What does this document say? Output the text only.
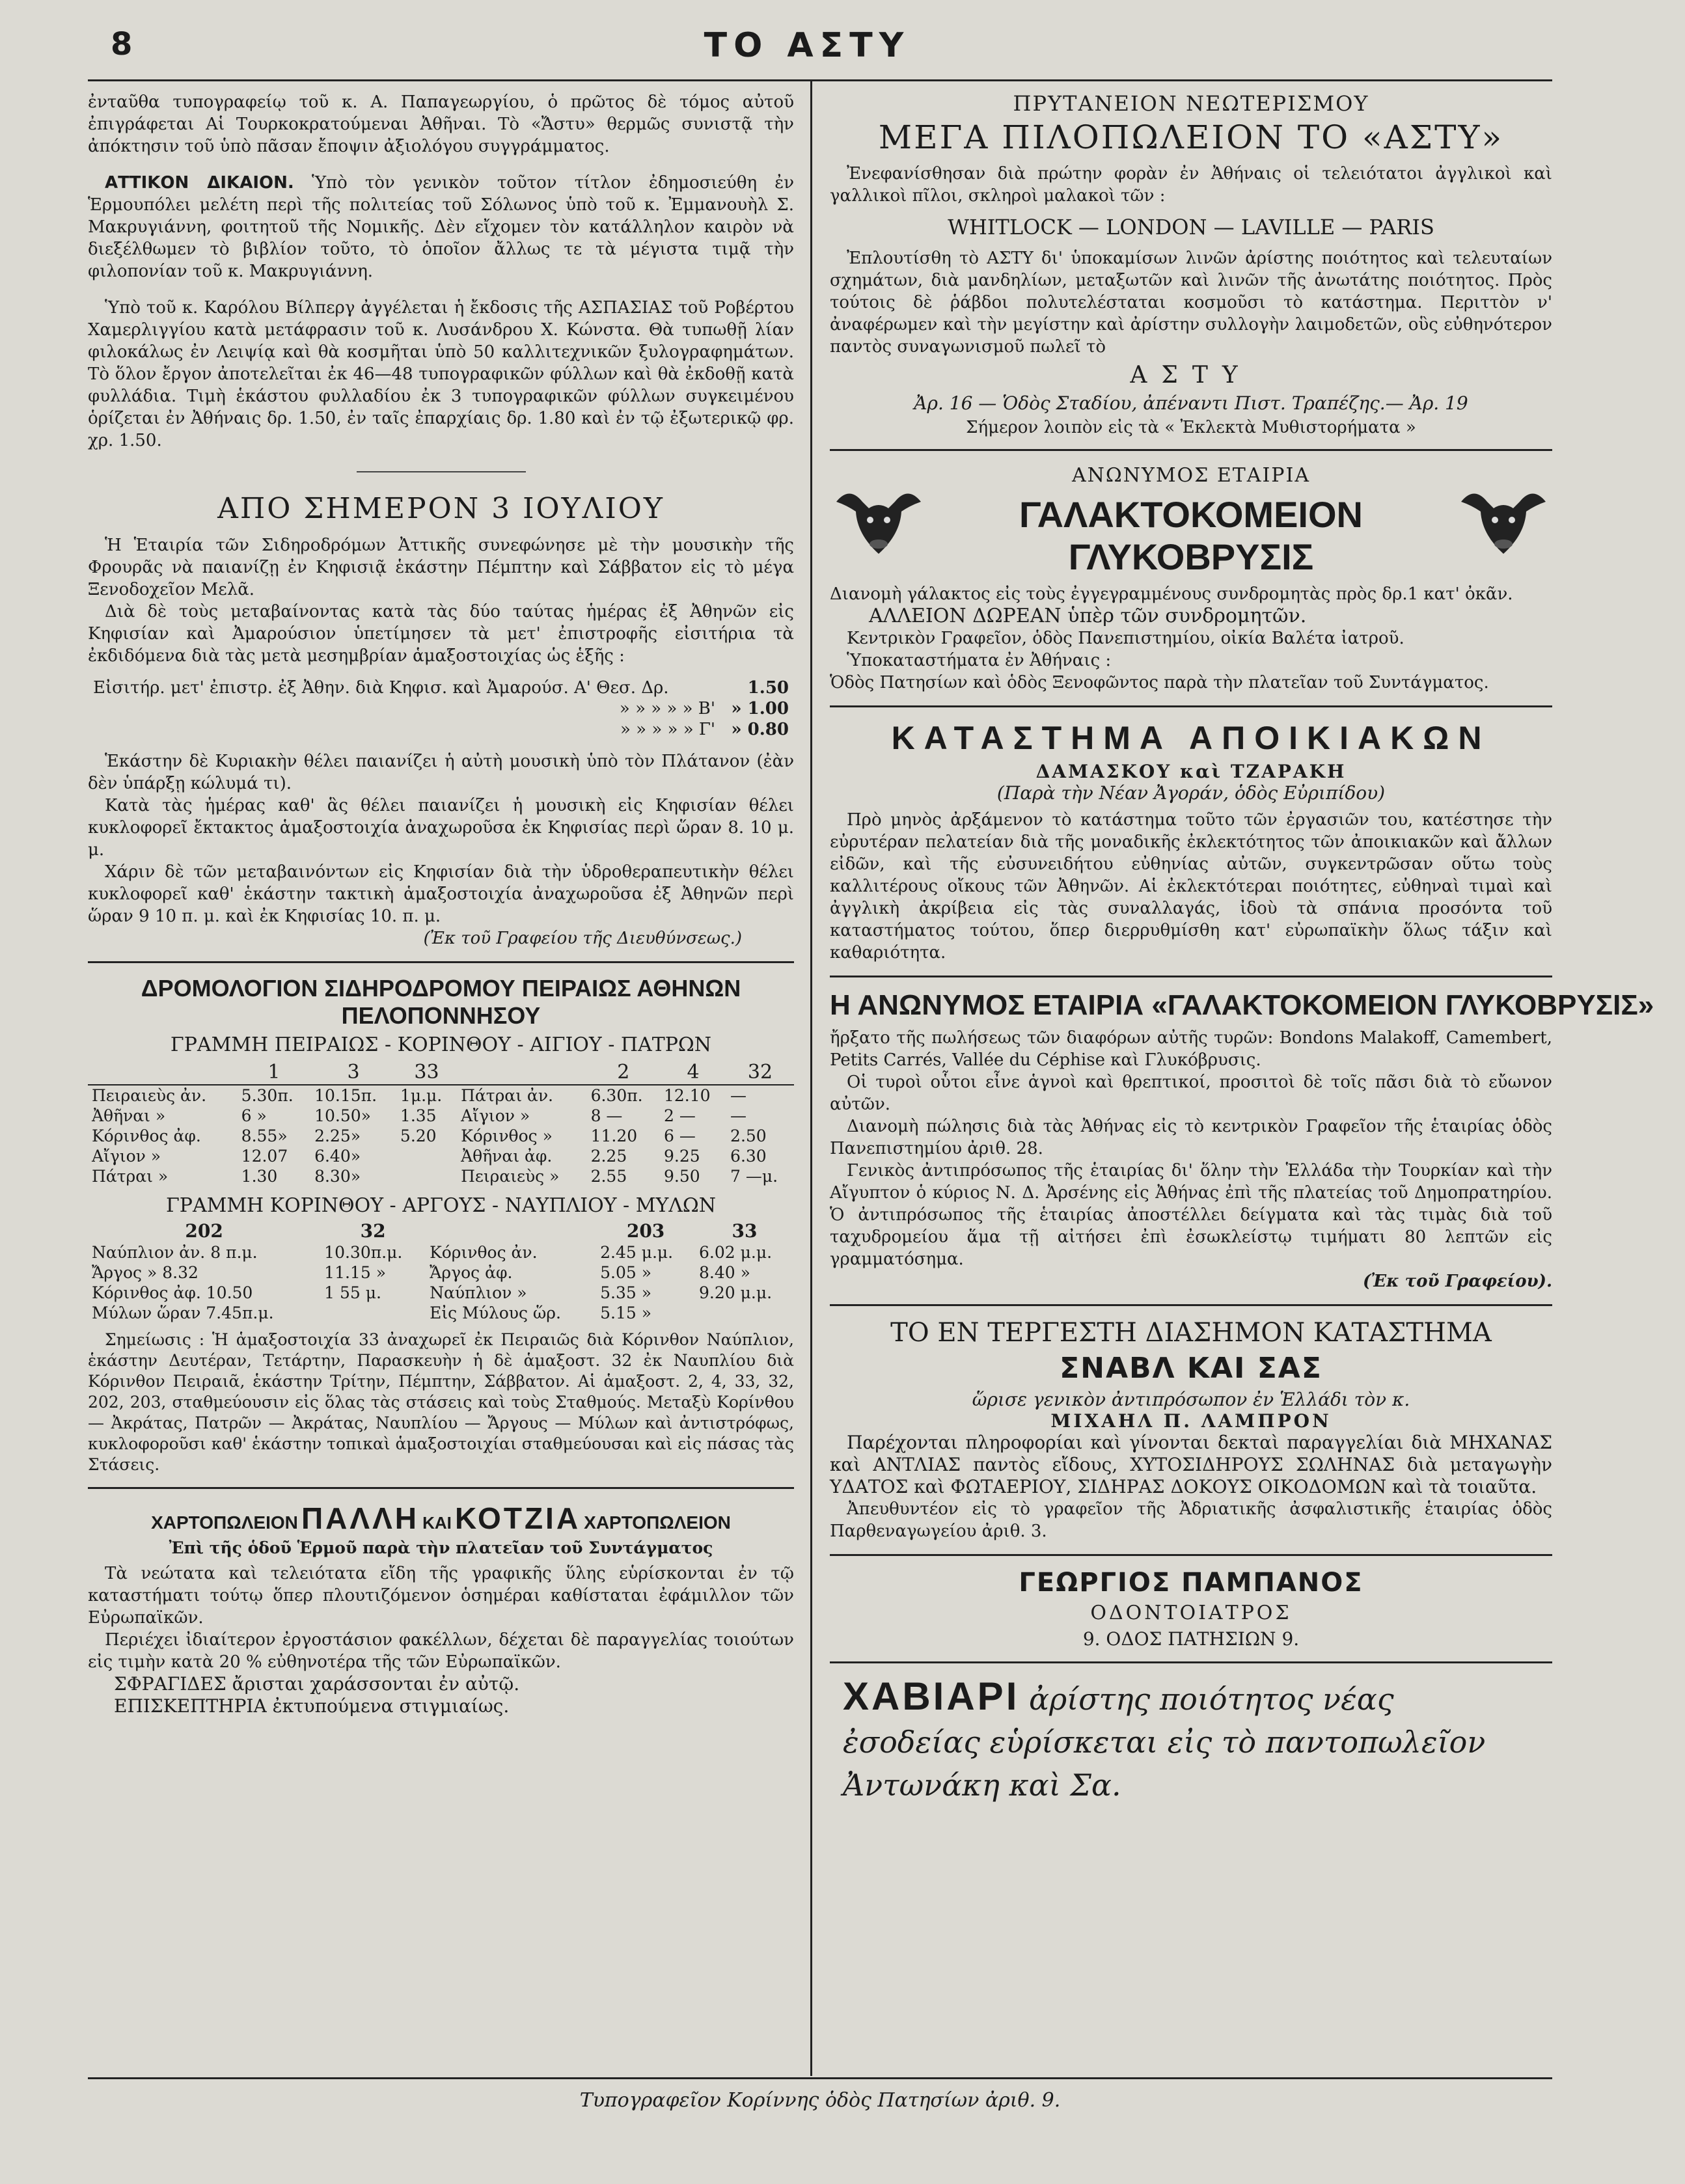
8	ΤΟ ΑΣΤΥ

ἐνταῦθα τυπογραφείῳ τοῦ κ. Α. Παπαγεωργίου, ὁ πρῶτος δὲ τόμος αὐτοῦ ἐπιγράφεται Αἱ Τουρκοκρατούμεναι Ἀθῆναι. Τὸ «Ἄστυ» θερμῶς συνιστᾷ τὴν ἀπόκτησιν τοῦ ὑπὸ πᾶσαν ἔποψιν ἀξιολόγου συγγράμματος.

ΑΤΤΙΚΟΝ ΔΙΚΑΙΟΝ. Ὑπὸ τὸν γενικὸν τοῦτον τίτλον ἐδημοσιεύθη ἐν Ἑρμουπόλει μελέτη περὶ τῆς πολιτείας τοῦ Σόλωνος ὑπὸ τοῦ κ. Ἐμμανουὴλ Σ. Μακρυγιάννη, φοιτητοῦ τῆς Νομικῆς. Δὲν εἴχομεν τὸν κατάλληλον καιρὸν νὰ διεξέλθωμεν τὸ βιβλίον τοῦτο, τὸ ὁποῖον ἄλλως τε τὰ μέγιστα τιμᾷ τὴν φιλοπονίαν τοῦ κ. Μακρυγιάννη.

Ὑπὸ τοῦ κ. Καρόλου Βίλπεργ ἀγγέλεται ἡ ἔκδοσις τῆς ΑΣΠΑΣΙΑΣ τοῦ Ροβέρτου Χαμερλιγγίου κατὰ μετάφρασιν τοῦ κ. Λυσάνδρου Χ. Κώνστα. Θὰ τυπωθῇ λίαν φιλοκάλως ἐν Λειψίᾳ καὶ θὰ κοσμῆται ὑπὸ 50 καλλιτεχνικῶν ξυλογραφημάτων. Τὸ ὅλον ἔργον ἀποτελεῖται ἐκ 46—48 τυπογραφικῶν φύλλων καὶ θὰ ἐκδοθῇ κατὰ φυλλάδια. Τιμὴ ἑκάστου φυλλαδίου ἐκ 3 τυπογραφικῶν φύλλων συγκειμένου ὁρίζεται ἐν Ἀθήναις δρ. 1.50, ἐν ταῖς ἐπαρχίαις δρ. 1.80 καὶ ἐν τῷ ἐξωτερικῷ φρ. χρ. 1.50.

ΑΠΟ ΣΗΜΕΡΟΝ 3 ΙΟΥΛΙΟΥ

Ἡ Ἑταιρία τῶν Σιδηροδρόμων Ἀττικῆς συνεφώνησε μὲ τὴν μουσικὴν τῆς Φρουρᾶς νὰ παιανίζῃ ἐν Κηφισιᾷ ἑκάστην Πέμπτην καὶ Σάββατον εἰς τὸ μέγα Ξενοδοχεῖον Μελᾶ.

Διὰ δὲ τοὺς μεταβαίνοντας κατὰ τὰς δύο ταύτας ἡμέρας ἐξ Ἀθηνῶν εἰς Κηφισίαν καὶ Ἀμαρούσιον ὑπετίμησεν τὰ μετ' ἐπιστροφῆς εἰσιτήρια τὰ ἐκδιδόμενα διὰ τὰς μετὰ μεσημβρίαν ἁμαξοστοιχίας ὡς ἑξῆς :

Εἰσιτήρ. μετ' ἐπιστρ. ἐξ Ἀθην. διὰ Κηφισ. καὶ Ἀμαρούσ. Α' Θεσ. Δρ.	1.50
» » » » » Β'	» 1.00
» » » » » Γ'	» 0.80

Ἑκάστην δὲ Κυριακὴν θέλει παιανίζει ἡ αὐτὴ μουσικὴ ὑπὸ τὸν Πλάτανον (ἐὰν δὲν ὑπάρξῃ κώλυμά τι).

Κατὰ τὰς ἡμέρας καθ' ἃς θέλει παιανίζει ἡ μουσικὴ εἰς Κηφισίαν θέλει κυκλοφορεῖ ἔκτακτος ἁμαξοστοιχία ἀναχωροῦσα ἐκ Κηφισίας περὶ ὥραν 8. 10 μ. μ.

Χάριν δὲ τῶν μεταβαινόντων εἰς Κηφισίαν διὰ τὴν ὑδροθεραπευτικὴν θέλει κυκλοφορεῖ καθ' ἑκάστην τακτικὴ ἁμαξοστοιχία ἀναχωροῦσα ἐξ Ἀθηνῶν περὶ ὥραν 9 10 π. μ. καὶ ἐκ Κηφισίας 10. π. μ.

(Ἐκ τοῦ Γραφείου τῆς Διευθύνσεως.)

ΔΡΟΜΟΛΟΓΙΟΝ ΣΙΔΗΡΟΔΡΟΜΟΥ ΠΕΙΡΑΙΩΣ ΑΘΗΝΩΝ ΠΕΛΟΠΟΝΝΗΣΟΥ

ΓΡΑΜΜΗ ΠΕΙΡΑΙΩΣ - ΚΟΡΙΝΘΟΥ - ΑΙΓΙΟΥ - ΠΑΤΡΩΝ

	1	3	33		2	4	32
Πειραιεὺς ἀν.	5.30π.	10.15π.	1μ.μ.	Πάτραι ἀν.	6.30π.	12.10	—
Ἀθῆναι »	6 »	10.50»	1.35	Αἴγιον »	8 —	2 —	—
Κόρινθος ἀφ.	8.55»	2.25»	5.20	Κόρινθος »	11.20	6 —	2.50
Αἴγιον »	12.07	6.40»		Ἀθῆναι ἀφ.	2.25	9.25	6.30
Πάτραι »	1.30	8.30»		Πειραιεὺς »	2.55	9.50	7 —μ.

ΓΡΑΜΜΗ ΚΟΡΙΝΘΟΥ - ΑΡΓΟΥΣ - ΝΑΥΠΛΙΟΥ - ΜΥΛΩΝ

202	32		203	33
Ναύπλιον ἀν. 8 π.μ.	10.30π.μ.	Κόρινθος ἀν.	2.45 μ.μ.	6.02 μ.μ.
Ἄργος » 8.32	11.15 »	Ἄργος ἀφ.	5.05 »	8.40 »
Κόρινθος ἀφ. 10.50	1 55 μ.	Ναύπλιον »	5.35 »	9.20 μ.μ.
Μύλων ὥραν 7.45π.μ.		Εἰς Μύλους ὥρ.	5.15 »	

Σημείωσις : Ἡ ἁμαξοστοιχία 33 ἀναχωρεῖ ἐκ Πειραιῶς διὰ Κόρινθον Ναύπλιον, ἑκάστην Δευτέραν, Τετάρτην, Παρασκευὴν ἡ δὲ ἁμαξοστ. 32 ἐκ Ναυπλίου διὰ Κόρινθον Πειραιᾶ, ἑκάστην Τρίτην, Πέμπτην, Σάββατον. Αἱ ἁμαξοστ. 2, 4, 33, 32, 202, 203, σταθμεύουσιν εἰς ὅλας τὰς στάσεις καὶ τοὺς Σταθμούς. Μεταξὺ Κορίνθου — Ἀκράτας, Πατρῶν — Ἀκράτας, Ναυπλίου — Ἄργους — Μύλων καὶ ἀντιστρόφως, κυκλοφοροῦσι καθ' ἑκάστην τοπικαὶ ἁμαξοστοιχίαι σταθμεύουσαι καὶ εἰς πάσας τὰς Στάσεις.

ΧΑΡΤΟΠΩΛΕΙΟΝ ΠΑΛΛΗ ΚΑΙ ΚΟΤΖΙΑ ΧΑΡΤΟΠΩΛΕΙΟΝ

Ἐπὶ τῆς ὁδοῦ Ἑρμοῦ παρὰ τὴν πλατεῖαν τοῦ Συντάγματος

Τὰ νεώτατα καὶ τελειότατα εἴδη τῆς γραφικῆς ὕλης εὑρίσκονται ἐν τῷ καταστήματι τούτῳ ὅπερ πλουτιζόμενον ὁσημέραι καθίσταται ἐφάμιλλον τῶν Εὐρωπαϊκῶν.

Περιέχει ἰδιαίτερον ἐργοστάσιον φακέλλων, δέχεται δὲ παραγγελίας τοιούτων εἰς τιμὴν κατὰ 20 % εὐθηνοτέρα τῆς τῶν Εὐρωπαϊκῶν.

ΣΦΡΑΓΙΔΕΣ ἄρισται χαράσσονται ἐν αὐτῷ.

ΕΠΙΣΚΕΠΤΗΡΙΑ ἐκτυπούμενα στιγμιαίως.

ΠΡΥΤΑΝΕΙΟΝ ΝΕΩΤΕΡΙΣΜΟΥ

ΜΕΓΑ ΠΙΛΟΠΩΛΕΙΟΝ ΤΟ «ΑΣΤΥ»

Ἐνεφανίσθησαν διὰ πρώτην φορὰν ἐν Ἀθήναις οἱ τελειότατοι ἀγγλικοὶ καὶ γαλλικοὶ πῖλοι, σκληροὶ μαλακοὶ τῶν :

WHITLOCK — LONDON — LAVILLE — PARIS

Ἐπλουτίσθη τὸ ΑΣΤΥ δι' ὑποκαμίσων λινῶν ἀρίστης ποιότητος καὶ τελευταίων σχημάτων, διὰ μανδηλίων, μεταξωτῶν καὶ λινῶν τῆς ἀνωτάτης ποιότητος. Πρὸς τούτοις δὲ ῥάβδοι πολυτελέσταται κοσμοῦσι τὸ κατάστημα. Περιττὸν ν' ἀναφέρωμεν καὶ τὴν μεγίστην καὶ ἀρίστην συλλογὴν λαιμοδετῶν, οὓς εὐθηνότερον παντὸς συναγωνισμοῦ πωλεῖ τὸ

ΑΣΤΥ

Ἀρ. 16 — Ὁδὸς Σταδίου, ἀπέναντι Πιστ. Τραπέζης.— Ἀρ. 19

Σήμερον λοιπὸν εἰς τὰ « Ἐκλεκτὰ Μυθιστορήματα »

ΑΝΩΝΥΜΟΣ ΕΤΑΙΡΙΑ

ΓΑΛΑΚΤΟΚΟΜΕΙΟΝ ΓΛΥΚΟΒΡΥΣΙΣ

Διανομὴ γάλακτος εἰς τοὺς ἐγγεγραμμένους συνδρομητὰς πρὸς δρ.1 κατ' ὀκᾶν.

ΑΛΛΕΙΟΝ ΔΩΡΕΑΝ ὑπὲρ τῶν συνδρομητῶν.

Κεντρικὸν Γραφεῖον, ὁδὸς Πανεπιστημίου, οἰκία Βαλέτα ἰατροῦ.

Ὑποκαταστήματα ἐν Ἀθήναις :

Ὁδὸς Πατησίων καὶ ὁδὸς Ξενοφῶντος παρὰ τὴν πλατεῖαν τοῦ Συντάγματος.

ΚΑΤΑΣΤΗΜΑ ΑΠΟΙΚΙΑΚΩΝ

ΔΑΜΑΣΚΟΥ καὶ ΤΖΑΡΑΚΗ

(Παρὰ τὴν Νέαν Ἀγοράν, ὁδὸς Εὐριπίδου)

Πρὸ μηνὸς ἀρξάμενον τὸ κατάστημα τοῦτο τῶν ἐργασιῶν του, κατέστησε τὴν εὐρυτέραν πελατείαν διὰ τῆς μοναδικῆς ἐκλεκτότητος τῶν ἀποικιακῶν καὶ ἄλλων εἰδῶν, καὶ τῆς εὐσυνειδήτου εὐθηνίας αὐτῶν, συγκεντρῶσαν οὕτω τοὺς καλλιτέρους οἴκους τῶν Ἀθηνῶν. Αἱ ἐκλεκτότεραι ποιότητες, εὐθηναὶ τιμαὶ καὶ ἀγγλικὴ ἀκρίβεια εἰς τὰς συναλλαγάς, ἰδοὺ τὰ σπάνια προσόντα τοῦ καταστήματος τούτου, ὅπερ διερρυθμίσθη κατ' εὐρωπαϊκὴν ὅλως τάξιν καὶ καθαριότητα.

Η ΑΝΩΝΥΜΟΣ ΕΤΑΙΡΙΑ «ΓΑΛΑΚΤΟΚΟΜΕΙΟΝ ΓΛΥΚΟΒΡΥΣΙΣ»

ἤρξατο τῆς πωλήσεως τῶν διαφόρων αὐτῆς τυρῶν: Bondons Malakoff, Camembert, Petits Carrés, Vallée du Céphise καὶ Γλυκόβρυσις.

Οἱ τυροὶ οὗτοι εἶνε ἁγνοὶ καὶ θρεπτικοί, προσιτοὶ δὲ τοῖς πᾶσι διὰ τὸ εὔωνον αὐτῶν.

Διανομὴ πώλησις διὰ τὰς Ἀθήνας εἰς τὸ κεντρικὸν Γραφεῖον τῆς ἑταιρίας ὁδὸς Πανεπιστημίου ἀριθ. 28.

Γενικὸς ἀντιπρόσωπος τῆς ἑταιρίας δι' ὅλην τὴν Ἑλλάδα τὴν Τουρκίαν καὶ τὴν Αἴγυπτον ὁ κύριος Ν. Δ. Ἀρσένης εἰς Ἀθήνας ἐπὶ τῆς πλατείας τοῦ Δημοπρατηρίου. Ὁ ἀντιπρόσωπος τῆς ἑταιρίας ἀποστέλλει δείγματα καὶ τὰς τιμὰς διὰ τοῦ ταχυδρομείου ἅμα τῇ αἰτήσει ἐπὶ ἐσωκλείστῳ τιμήματι 80 λεπτῶν εἰς γραμματόσημα.

(Ἐκ τοῦ Γραφείου).

ΤΟ ΕΝ ΤΕΡΓΕΣΤΗ ΔΙΑΣΗΜΟΝ ΚΑΤΑΣΤΗΜΑ

ΣΝΑΒΛ ΚΑΙ ΣΑΣ

ὥρισε γενικὸν ἀντιπρόσωπον ἐν Ἑλλάδι τὸν κ.

ΜΙΧΑΗΛ Π. ΛΑΜΠΡΟΝ

Παρέχονται πληροφορίαι καὶ γίνονται δεκταὶ παραγγελίαι διὰ ΜΗΧΑΝΑΣ καὶ ΑΝΤΛΙΑΣ παντὸς εἴδους, ΧΥΤΟΣΙΔΗΡΟΥΣ ΣΩΛΗΝΑΣ διὰ μεταγωγὴν ΥΔΑΤΟΣ καὶ ΦΩΤΑΕΡΙΟΥ, ΣΙΔΗΡΑΣ ΔΟΚΟΥΣ ΟΙΚΟΔΟΜΩΝ καὶ τὰ τοιαῦτα.

Ἀπευθυντέον εἰς τὸ γραφεῖον τῆς Ἀδριατικῆς ἀσφαλιστικῆς ἑταιρίας ὁδὸς Παρθεναγωγείου ἀριθ. 3.

ΓΕΩΡΓΙΟΣ ΠΑΜΠΑΝΟΣ

ΟΔΟΝΤΟΙΑΤΡΟΣ

9. ΟΔΟΣ ΠΑΤΗΣΙΩΝ 9.

ΧΑΒΙΑΡΙ ἀρίστης ποιότητος νέας ἐσοδείας εὑρίσκεται εἰς τὸ παντοπωλεῖον Ἀντωνάκη καὶ Σα.

Τυπογραφεῖον Κορίννης ὁδὸς Πατησίων ἀριθ. 9.
